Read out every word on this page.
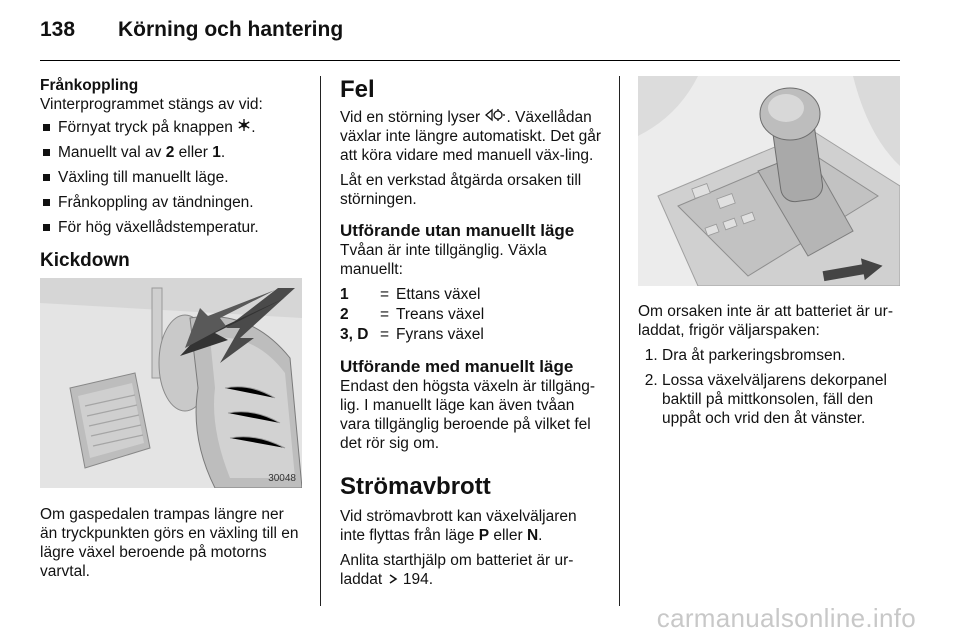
138 Körning och hantering
Frånkoppling

Vinterprogrammet stängs av vid:

Förnyat tryck på knappen .
Manuellt val av 2 eller 1.
Växling till manuellt läge.
Frånkoppling av tändningen.
För hög växellådstemperatur.
Kickdown
30048

Om gaspedalen trampas längre ner än tryckpunkten görs en växling till en lägre växel beroende på motorns varvtal.

Fel

Vid en störning lyser . Växellådan växlar inte längre automatiskt. Det går att köra vidare med manuell väx-ling.

Låt en verkstad åtgärda orsaken till störningen.

Utförande utan manuellt läge

Tvåan är inte tillgänglig. Växla manuellt:

1	=	Ettans växel
2	=	Treans växel
3, D	=	Fyrans växel
Utförande med manuellt läge

Endast den högsta växeln är tillgäng-lig. I manuellt läge kan även tvåan vara tillgänglig beroende på vilket fel det rör sig om.

Strömavbrott

Vid strömavbrott kan växelväljaren inte flyttas från läge P eller N.

Anlita starthjälp om batteriet är ur-laddat  194.

Om orsaken inte är att batteriet är ur-laddat, frigör väljarspaken:

1. Dra åt parkeringsbromsen.
2. Lossa växelväljarens dekorpanel baktill på mittkonsolen, fäll den uppåt och vrid den åt vänster.
carmanualsonline.info
